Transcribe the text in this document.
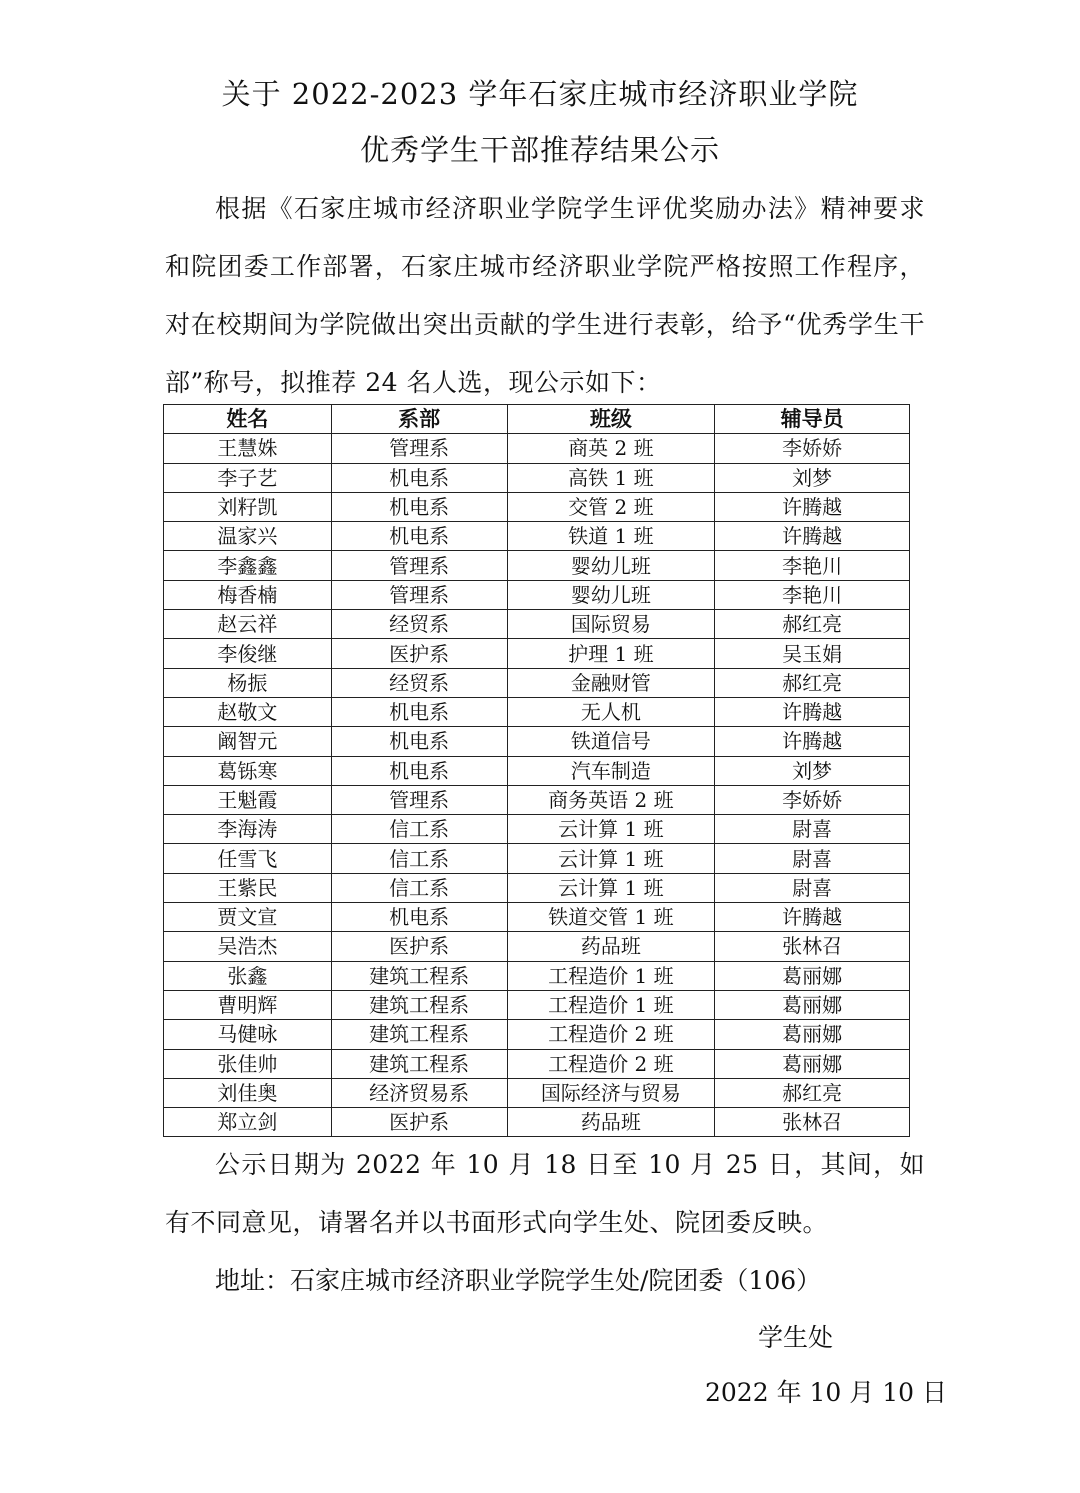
关于 2022-2023 学年石家庄城市经济职业学院
优秀学生干部推荐结果公示
根据《石家庄城市经济职业学院学生评优奖励办法》精神要求和院团委工作部署，石家庄城市经济职业学院严格按照工作程序，对在校期间为学院做出突出贡献的学生进行表彰，给予“优秀学生干部”称号，拟推荐 24 名人选，现公示如下：
姓名	系部	班级	辅导员
王慧姝	管理系	商英 2 班	李娇娇
李子艺	机电系	高铁 1 班	刘梦
刘籽凯	机电系	交管 2 班	许腾越
温家兴	机电系	铁道 1 班	许腾越
李鑫鑫	管理系	婴幼儿班	李艳川
梅香楠	管理系	婴幼儿班	李艳川
赵云祥	经贸系	国际贸易	郝红亮
李俊继	医护系	护理 1 班	吴玉娟
杨振	经贸系	金融财管	郝红亮
赵敬文	机电系	无人机	许腾越
阚智元	机电系	铁道信号	许腾越
葛铄寒	机电系	汽车制造	刘梦
王魁霞	管理系	商务英语 2 班	李娇娇
李海涛	信工系	云计算 1 班	尉喜
任雪飞	信工系	云计算 1 班	尉喜
王紫民	信工系	云计算 1 班	尉喜
贾文宣	机电系	铁道交管 1 班	许腾越
吴浩杰	医护系	药品班	张林召
张鑫	建筑工程系	工程造价 1 班	葛丽娜
曹明辉	建筑工程系	工程造价 1 班	葛丽娜
马健咏	建筑工程系	工程造价 2 班	葛丽娜
张佳帅	建筑工程系	工程造价 2 班	葛丽娜
刘佳奥	经济贸易系	国际经济与贸易	郝红亮
郑立剑	医护系	药品班	张林召
公示日期为 2022 年 10 月 18 日至 10 月 25 日，其间，如有不同意见，请署名并以书面形式向学生处、院团委反映。
地址：石家庄城市经济职业学院学生处/院团委（106）
学生处
2022 年 10 月 10 日
